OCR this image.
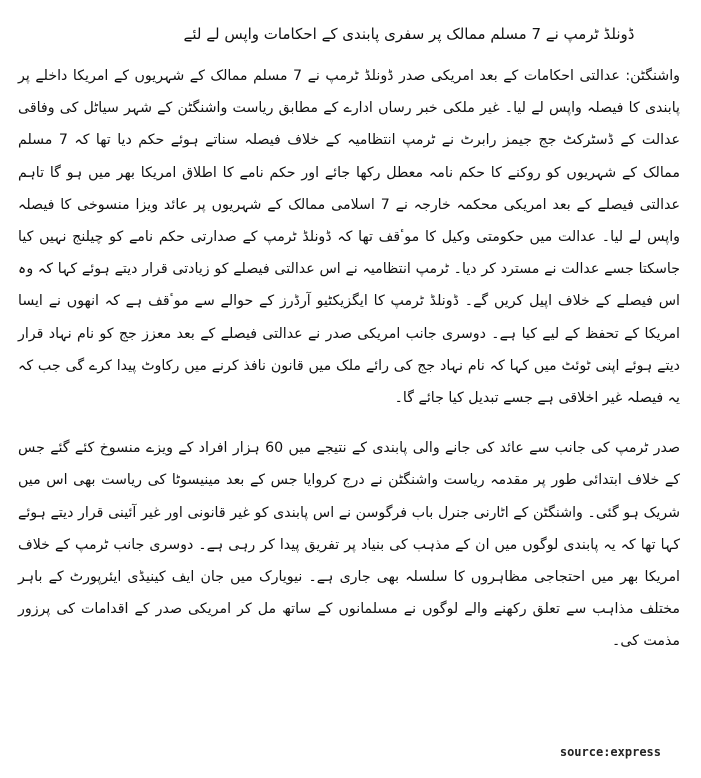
ڈونلڈ ٹرمپ نے 7 مسلم ممالک پر سفری پابندی کے احکامات واپس لے لئے

واشنگٹن: عدالتی احکامات کے بعد امریکی صدر ڈونلڈ ٹرمپ نے 7 مسلم ممالک کے شہریوں کے امریکا داخلے پر پابندی کا فیصلہ واپس لے لیا۔ غیر ملکی خبر رساں ادارے کے مطابق ریاست واشنگٹن کے شہر سیاٹل کی وفاقی عدالت کے ڈسٹرکٹ جج جیمز رابرٹ نے ٹرمپ انتظامیہ کے خلاف فیصلہ سناتے ہوئے حکم دیا تھا کہ 7 مسلم ممالک کے شہریوں کو روکنے کا حکم نامہ معطل رکھا جائے اور حکم نامے کا اطلاق امریکا بھر میں ہو گا تاہم عدالتی فیصلے کے بعد امریکی محکمہ خارجہ نے 7 اسلامی ممالک کے شہریوں پر عائد ویزا منسوخی کا فیصلہ واپس لے لیا۔ عدالت میں حکومتی وکیل کا موٴقف تھا کہ ڈونلڈ ٹرمپ کے صدارتی حکم نامے کو چیلنج نہیں کیا جاسکتا جسے عدالت نے مسترد کر دیا۔ ٹرمپ انتظامیہ نے اس عدالتی فیصلے کو زیادتی قرار دیتے ہوئے کہا کہ وہ اس فیصلے کے خلاف اپیل کریں گے۔ ڈونلڈ ٹرمپ کا ایگزیکٹیو آرڈرز کے حوالے سے موٴقف ہے کہ انھوں نے ایسا امریکا کے تحفظ کے لیے کیا ہے۔ دوسری جانب امریکی صدر نے عدالتی فیصلے کے بعد معزز جج کو نام نہاد قرار دیتے ہوئے اپنی ٹوئٹ میں کہا کہ نام نہاد جج کی رائے ملک میں قانون نافذ کرنے میں رکاوٹ پیدا کرے گی جب کہ یہ فیصلہ غیر اخلاقی ہے جسے تبدیل کیا جائے گا۔

صدر ٹرمپ کی جانب سے عائد کی جانے والی پابندی کے نتیجے میں 60 ہزار افراد کے ویزے منسوخ کئے گئے جس کے خلاف ابتدائی طور پر مقدمہ ریاست واشنگٹن نے درج کروایا جس کے بعد مینیسوٹا کی ریاست بھی اس میں شریک ہو گئی۔ واشنگٹن کے اٹارنی جنرل باب فرگوسن نے اس پابندی کو غیر قانونی اور غیر آئینی قرار دیتے ہوئے کہا تھا کہ یہ پابندی لوگوں میں ان کے مذہب کی بنیاد پر تفریق پیدا کر رہی ہے۔ دوسری جانب ٹرمپ کے خلاف امریکا بھر میں احتجاجی مظاہروں کا سلسلہ بھی جاری ہے۔ نیویارک میں جان ایف کینیڈی ایئرپورٹ کے باہر مختلف مذاہب سے تعلق رکھنے والے لوگوں نے مسلمانوں کے ساتھ مل کر امریکی صدر کے اقدامات کی پرزور مذمت کی۔

source:express
